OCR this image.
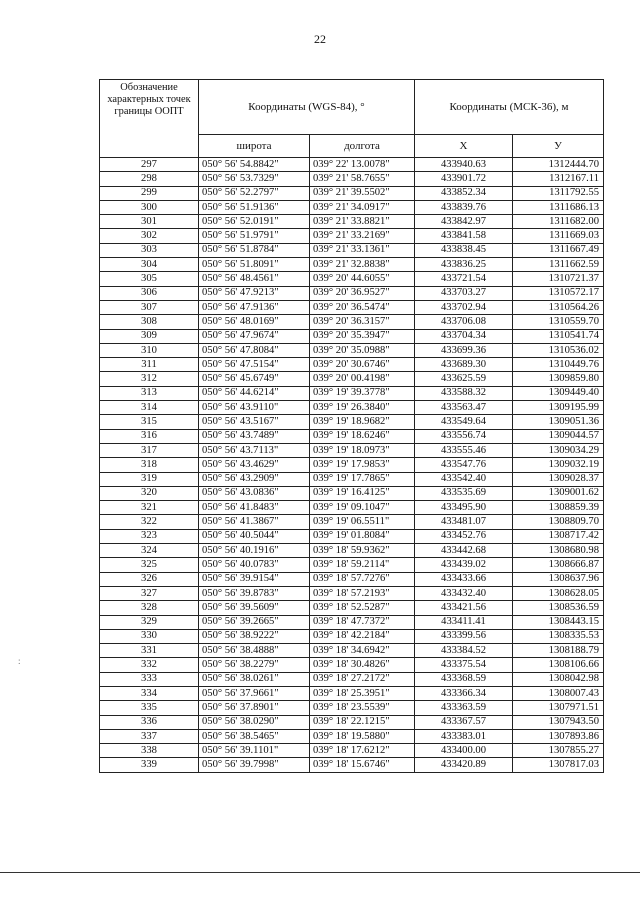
22
:
Обозначение характерных точек границы ООПТ	Координаты (WGS-84), °		Координаты (МСК-36), м	
	широта	долгота	X	У
297	050° 56' 54.8842"	039° 22' 13.0078"	433940.63	1312444.70
298	050° 56' 53.7329"	039° 21' 58.7655"	433901.72	1312167.11
299	050° 56' 52.2797"	039° 21' 39.5502"	433852.34	1311792.55
300	050° 56' 51.9136"	039° 21' 34.0917"	433839.76	1311686.13
301	050° 56' 52.0191"	039° 21' 33.8821"	433842.97	1311682.00
302	050° 56' 51.9791"	039° 21' 33.2169"	433841.58	1311669.03
303	050° 56' 51.8784"	039° 21' 33.1361"	433838.45	1311667.49
304	050° 56' 51.8091"	039° 21' 32.8838"	433836.25	1311662.59
305	050° 56' 48.4561"	039° 20' 44.6055"	433721.54	1310721.37
306	050° 56' 47.9213"	039° 20' 36.9527"	433703.27	1310572.17
307	050° 56' 47.9136"	039° 20' 36.5474"	433702.94	1310564.26
308	050° 56' 48.0169"	039° 20' 36.3157"	433706.08	1310559.70
309	050° 56' 47.9674"	039° 20' 35.3947"	433704.34	1310541.74
310	050° 56' 47.8084"	039° 20' 35.0988"	433699.36	1310536.02
311	050° 56' 47.5154"	039° 20' 30.6746"	433689.30	1310449.76
312	050° 56' 45.6749"	039° 20' 00.4198"	433625.59	1309859.80
313	050° 56' 44.6214"	039° 19' 39.3778"	433588.32	1309449.40
314	050° 56' 43.9110"	039° 19' 26.3840"	433563.47	1309195.99
315	050° 56' 43.5167"	039° 19' 18.9682"	433549.64	1309051.36
316	050° 56' 43.7489"	039° 19' 18.6246"	433556.74	1309044.57
317	050° 56' 43.7113"	039° 19' 18.0973"	433555.46	1309034.29
318	050° 56' 43.4629"	039° 19' 17.9853"	433547.76	1309032.19
319	050° 56' 43.2909"	039° 19' 17.7865"	433542.40	1309028.37
320	050° 56' 43.0836"	039° 19' 16.4125"	433535.69	1309001.62
321	050° 56' 41.8483"	039° 19' 09.1047"	433495.90	1308859.39
322	050° 56' 41.3867"	039° 19' 06.5511"	433481.07	1308809.70
323	050° 56' 40.5044"	039° 19' 01.8084"	433452.76	1308717.42
324	050° 56' 40.1916"	039° 18' 59.9362"	433442.68	1308680.98
325	050° 56' 40.0783"	039° 18' 59.2114"	433439.02	1308666.87
326	050° 56' 39.9154"	039° 18' 57.7276"	433433.66	1308637.96
327	050° 56' 39.8783"	039° 18' 57.2193"	433432.40	1308628.05
328	050° 56' 39.5609"	039° 18' 52.5287"	433421.56	1308536.59
329	050° 56' 39.2665"	039° 18' 47.7372"	433411.41	1308443.15
330	050° 56' 38.9222"	039° 18' 42.2184"	433399.56	1308335.53
331	050° 56' 38.4888"	039° 18' 34.6942"	433384.52	1308188.79
332	050° 56' 38.2279"	039° 18' 30.4826"	433375.54	1308106.66
333	050° 56' 38.0261"	039° 18' 27.2172"	433368.59	1308042.98
334	050° 56' 37.9661"	039° 18' 25.3951"	433366.34	1308007.43
335	050° 56' 37.8901"	039° 18' 23.5539"	433363.59	1307971.51
336	050° 56' 38.0290"	039° 18' 22.1215"	433367.57	1307943.50
337	050° 56' 38.5465"	039° 18' 19.5880"	433383.01	1307893.86
338	050° 56' 39.1101"	039° 18' 17.6212"	433400.00	1307855.27
339	050° 56' 39.7998"	039° 18' 15.6746"	433420.89	1307817.03
